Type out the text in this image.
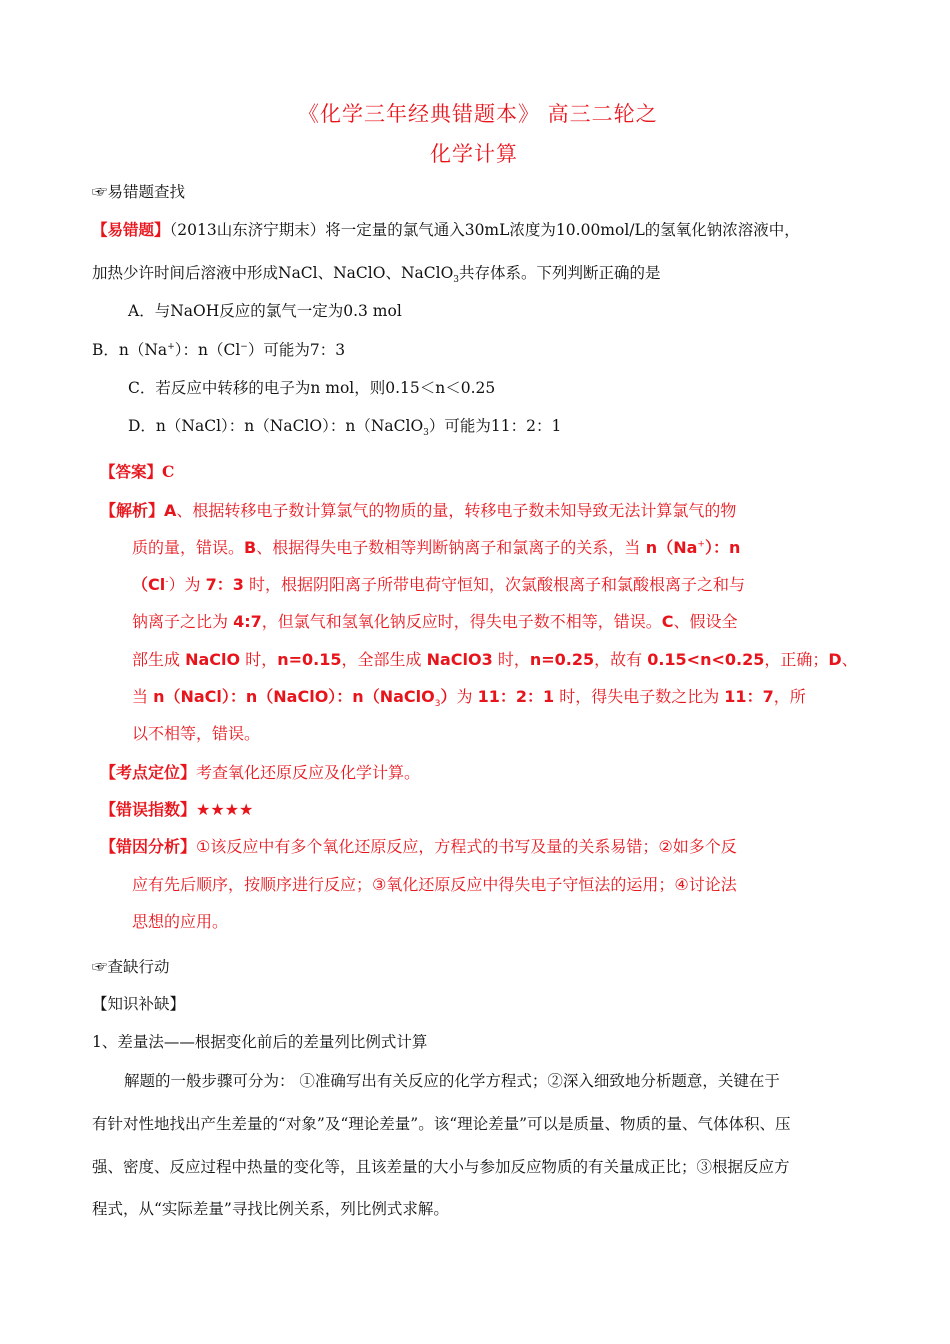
《化学三年经典错题本》 高三二轮之
化学计算
☞易错题查找
【易错题】（2013山东济宁期末）将一定量的氯气通入30mL浓度为10.00mol/L的氢氧化钠浓溶液中，
加热少许时间后溶液中形成NaCl、NaClO、NaClO$_3$共存体系。下列判断正确的是
A．与NaOH反应的氯气一定为0.3 mol
B．n（Na+）：n（Cl−）可能为7：3
C．若反应中转移的电子为n mol，则0.15＜n＜0.25
D．n（NaCl）：n（NaClO）：n（NaClO$_3$）可能为11：2：1
【答案】C
【解析】A、根据转移电子数计算氯气的物质的量，转移电子数未知导致无法计算氯气的物
质的量，错误。B、根据得失电子数相等判断钠离子和氯离子的关系，当 n（Na+）：n
（Cl-）为 7：3 时，根据阴阳离子所带电荷守恒知，次氯酸根离子和氯酸根离子之和与
钠离子之比为 4:7，但氯气和氢氧化钠反应时，得失电子数不相等，错误。C、假设全
部生成 NaClO 时，n=0.15，全部生成 NaClO3 时，n=0.25，故有 0.15<n<0.25，正确；D、
当 n（NaCl）：n（NaClO）：n（NaClO$_3$）为 11：2：1 时，得失电子数之比为 11：7，所
以不相等，错误。
【考点定位】考查氧化还原反应及化学计算。
【错误指数】★★★★
【错因分析】①该反应中有多个氧化还原反应，方程式的书写及量的关系易错；②如多个反
应有先后顺序，按顺序进行反应；③氧化还原反应中得失电子守恒法的运用；④讨论法
思想的应用。
☞查缺行动
【知识补缺】
1、差量法——根据变化前后的差量列比例式计算
解题的一般步骤可分为： ①准确写出有关反应的化学方程式；②深入细致地分析题意，关键在于
有针对性地找出产生差量的“对象”及“理论差量”。该“理论差量”可以是质量、物质的量、气体体积、压
强、密度、反应过程中热量的变化等，且该差量的大小与参加反应物质的有关量成正比；③根据反应方
程式，从“实际差量”寻找比例关系，列比例式求解。
